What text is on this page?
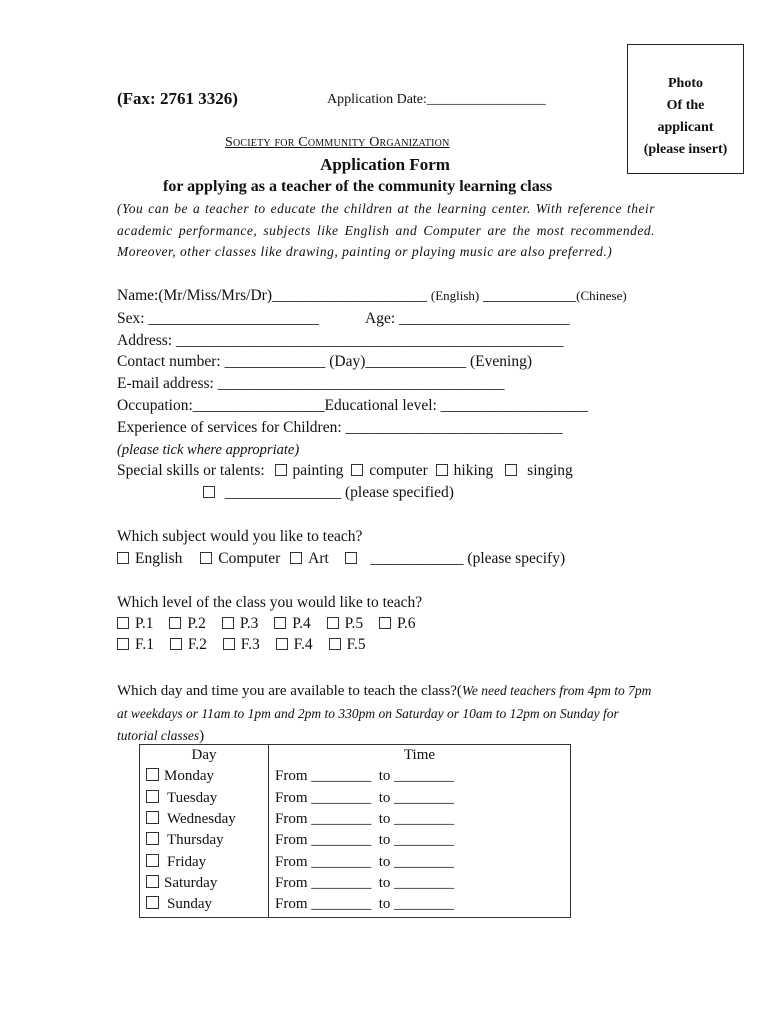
(Fax: 2761 3326)	Application Date:_________________
Photo
Of the
applicant
(please insert)
Society for Community Organization
Application Form
for applying as a teacher of the community learning class
(You can be a teacher to educate the children at the learning center. With reference their academic performance, subjects like English and Computer are the most recommended. Moreover, other classes like drawing, painting or playing music are also preferred.)
Name:(Mr/Miss/Mrs/Dr)____________________ (English) ____________(Chinese)
Sex: ______________________	Age: ______________________
Address: __________________________________________________
Contact number: _____________ (Day)_____________ (Evening)
E-mail address: _____________________________________
Occupation:_________________Educational level: ___________________
Experience of services for Children: ____________________________
(please tick where appropriate)
Special skills or talents: painting computer hiking singing
_______________ (please specified)
Which subject would you like to teach?
English Computer Art	____________ (please specify)
Which level of the class you would like to teach?
P.1 P.2 P.3 P.4 P.5 P.6
F.1 F.2 F.3 F.4 F.5
Which day and time you are available to teach the class?(We need teachers from 4pm to 7pm at weekdays or 11am to 1pm and 2pm to 330pm on Saturday or 10am to 12pm on Sunday for tutorial classes)
Day	Time
Monday	From ________ to ________
Tuesday	From ________ to ________
Wednesday	From ________ to ________
Thursday	From ________ to ________
Friday	From ________ to ________
Saturday	From ________ to ________
Sunday	From ________ to ________
